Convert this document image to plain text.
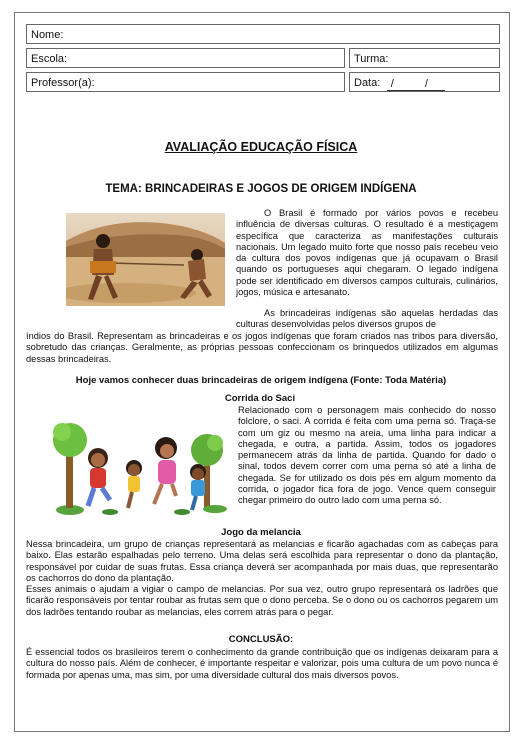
Nome:
Escola:	Turma:
Professor(a):	Data: / /
AVALIAÇÃO EDUCAÇÃO FÍSICA
TEMA: BRINCADEIRAS E JOGOS DE ORIGEM INDÍGENA

O Brasil é formado por vários povos e recebeu influência de diversas culturas. O resultado é a mestiçagem específica que caracteriza as manifestações culturais nacionais. Um legado muito forte que nosso país recebeu veio da cultura dos povos indígenas que já ocupavam o Brasil quando os portugueses aqui chegaram. O legado indígena pode ser identificado em diversos campos culturais, culinários, jogos, música e artesanato.

As brincadeiras indígenas são aquelas herdadas das culturas desenvolvidas pelos diversos grupos de

índios do Brasil. Representam as brincadeiras e os jogos indígenas que foram criados nas tribos para diversão, sobretudo das crianças. Geralmente, as próprias pessoas confeccionam os brinquedos utilizados em algumas dessas brincadeiras.

Hoje vamos conhecer duas brincadeiras de origem indígena (Fonte: Toda Matéria)
Corrida do Saci

Relacionado com o personagem mais conhecido do nosso folclore, o saci. A corrida é feita com uma perna só. Traça-se com um giz ou mesmo na areia, uma linha para indicar a chegada, e outra, a partida. Assim, todos os jogadores permanecem atrás da linha de partida. Quando for dado o sinal, todos devem correr com uma perna só até a linha de chegada. Se for utilizado os dois pés em algum momento da corrida, o jogador fica fora de jogo. Vence quem conseguir chegar primeiro do outro lado com uma perna só.

Jogo da melancia

Nessa brincadeira, um grupo de crianças representará as melancias e ficarão agachadas com as cabeças para baixo. Elas estarão espalhadas pelo terreno. Uma delas será escolhida para representar o dono da plantação, responsável por cuidar de suas frutas. Essa criança deverá ser acompanhada por mais duas, que representarão os cachorros do dono da plantação.

Esses animais o ajudam a vigiar o campo de melancias. Por sua vez, outro grupo representará os ladrões que ficarão responsáveis por tentar roubar as frutas sem que o dono perceba. Se o dono ou os cachorros pegarem um dos ladrões tentando roubar as melancias, eles correm atrás para o pegar.

CONCLUSÃO:

É essencial todos os brasileiros terem o conhecimento da grande contribuição que os indígenas deixaram para a cultura do nosso país. Além de conhecer, é importante respeitar e valorizar, pois uma cultura de um povo nunca é formada por apenas uma, mas sim, por uma diversidade cultural dos mais diversos povos.
